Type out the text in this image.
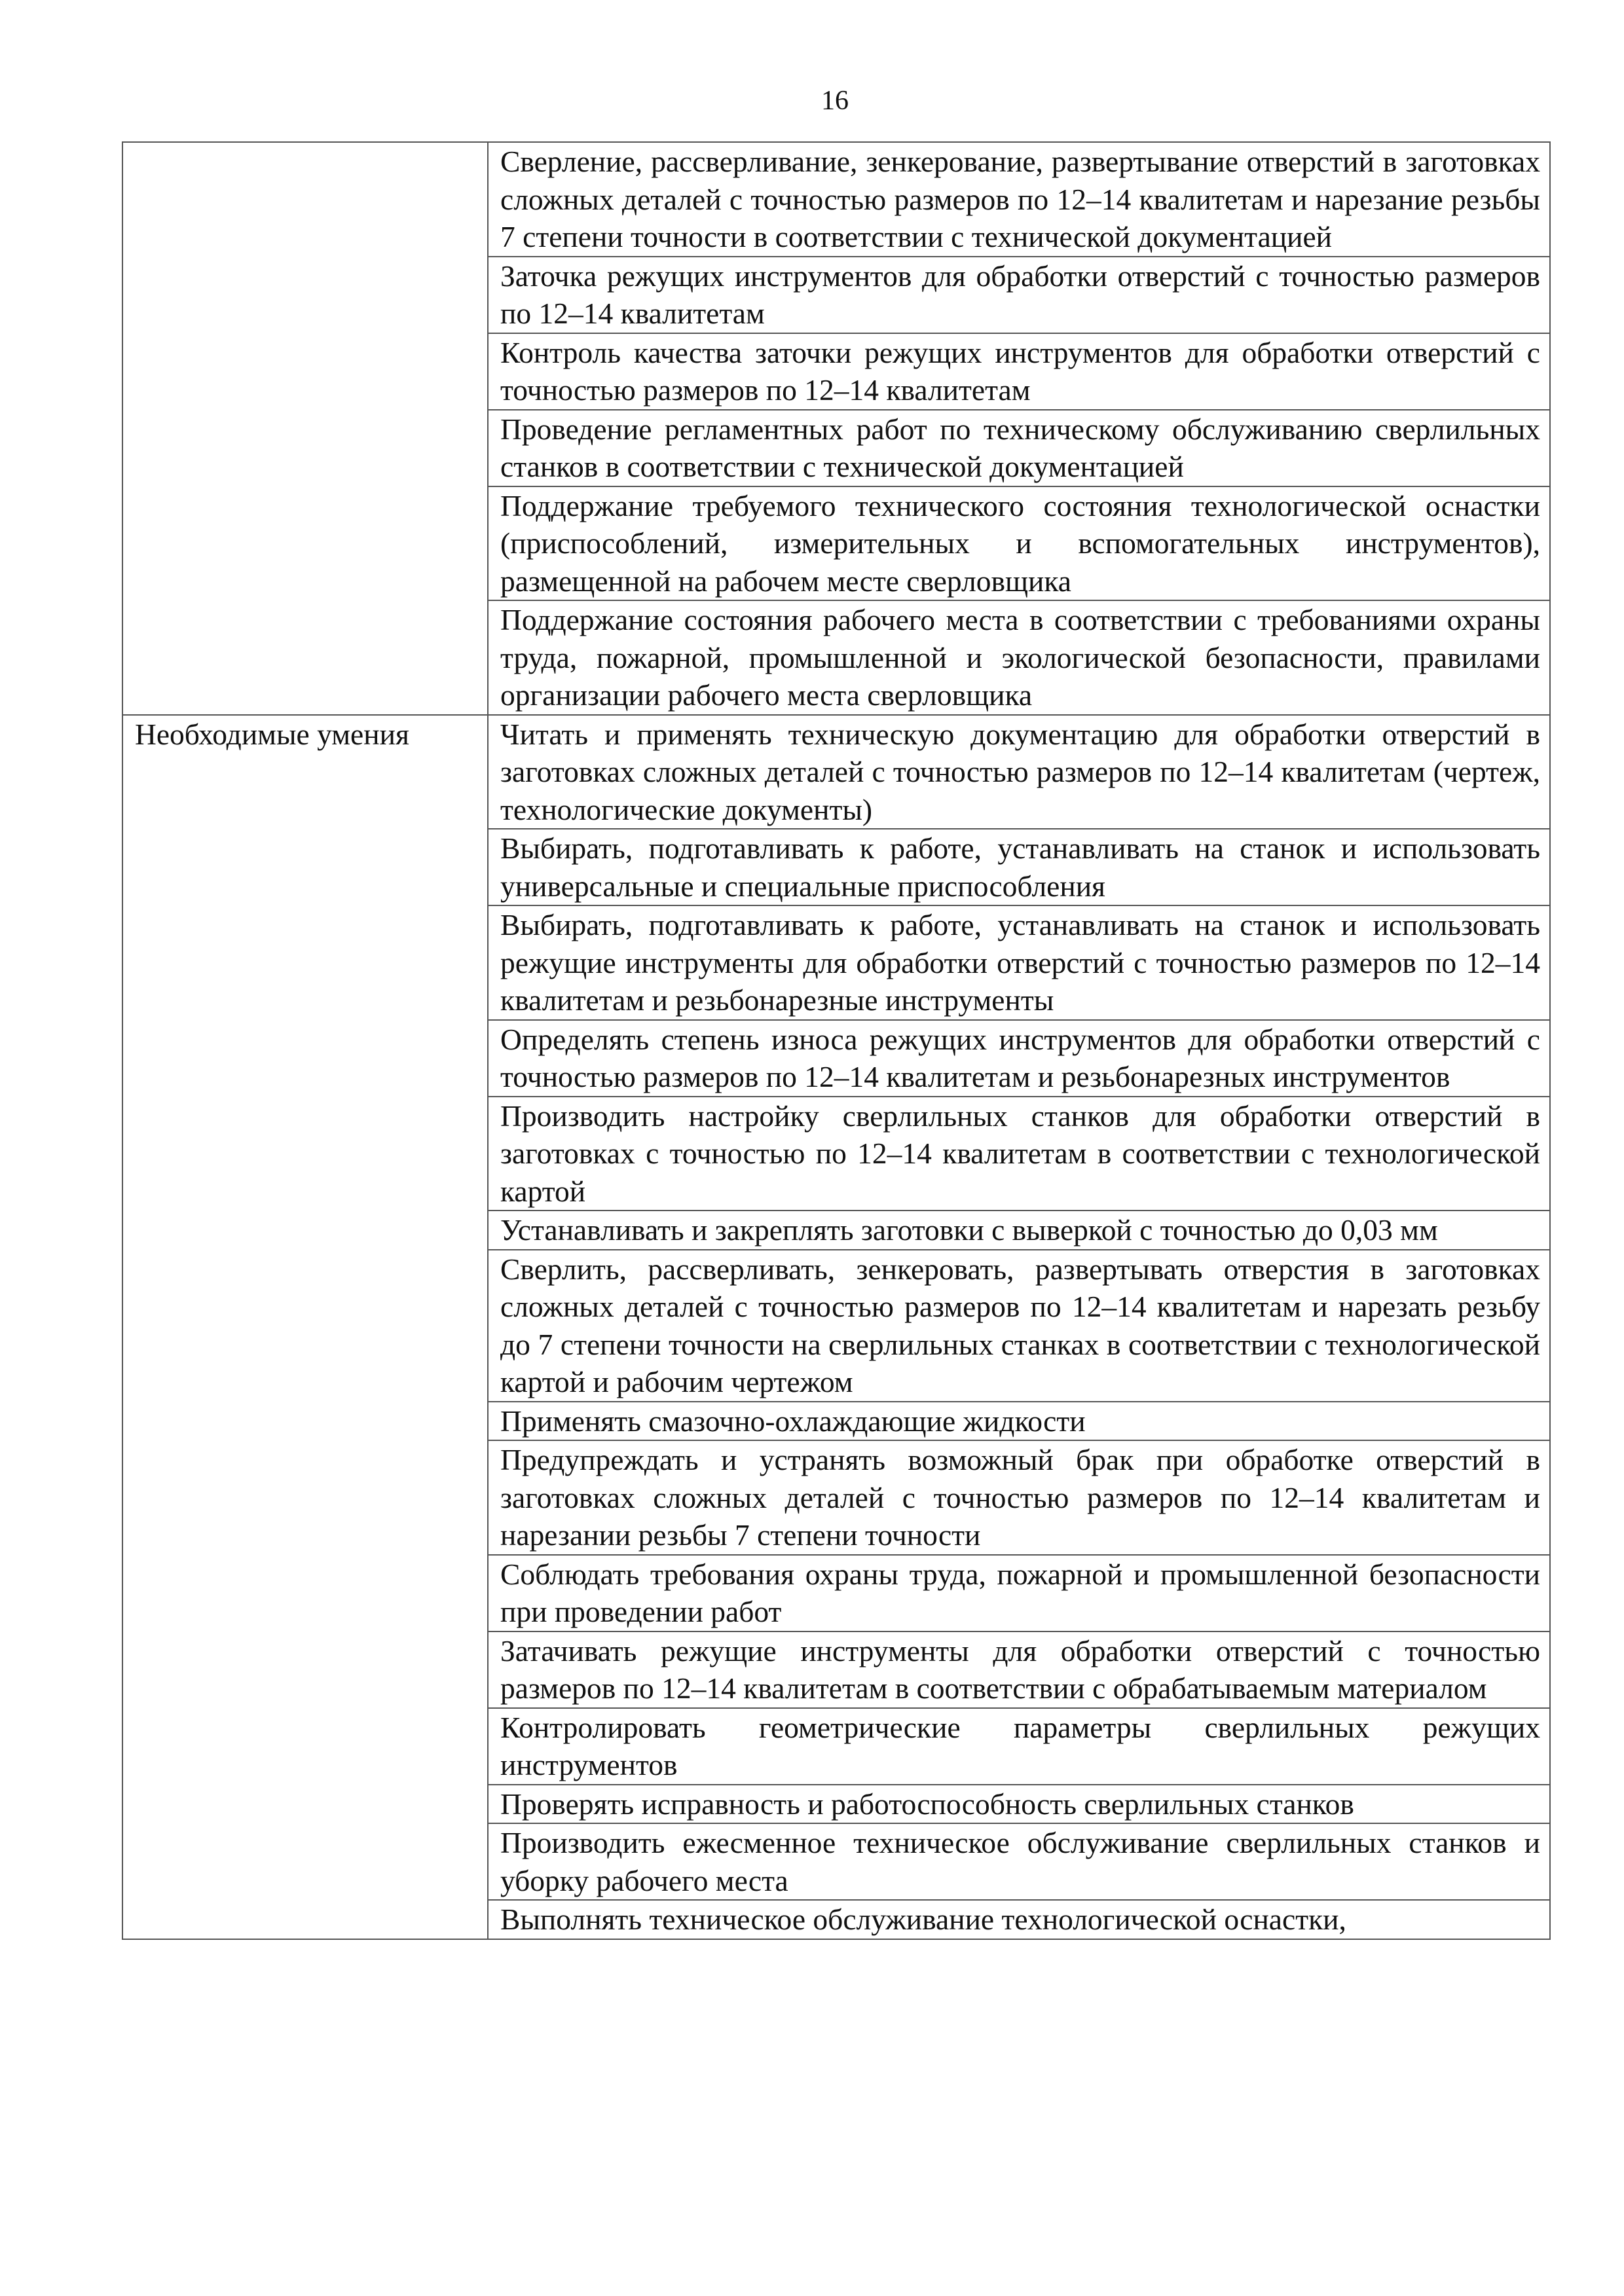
16

	Сверление, рассверливание, зенкерование, развертывание отверстий в заготовках сложных деталей с точностью размеров по 12–14 квалитетам и нарезание резьбы 7 степени точности в соответствии с технической документацией

	Заточка режущих инструментов для обработки отверстий с точностью размеров по 12–14 квалитетам

	Контроль качества заточки режущих инструментов для обработки отверстий с точностью размеров по 12–14 квалитетам

	Проведение регламентных работ по техническому обслуживанию сверлильных станков в соответствии с технической документацией

	Поддержание требуемого технического состояния технологической оснастки (приспособлений, измерительных и вспомогательных инструментов), размещенной на рабочем месте сверловщика

	Поддержание состояния рабочего места в соответствии с требованиями охраны труда, пожарной, промышленной и экологической безопасности, правилами организации рабочего места сверловщика

Необходимые умения	Читать и применять техническую документацию для обработки отверстий в заготовках сложных деталей с точностью размеров по 12–14 квалитетам (чертеж, технологические документы)

	Выбирать, подготавливать к работе, устанавливать на станок и использовать универсальные и специальные приспособления

	Выбирать, подготавливать к работе, устанавливать на станок и использовать режущие инструменты для обработки отверстий с точностью размеров по 12–14 квалитетам и резьбонарезные инструменты

	Определять степень износа режущих инструментов для обработки отверстий с точностью размеров по 12–14 квалитетам и резьбонарезных инструментов

	Производить настройку сверлильных станков для обработки отверстий в заготовках с точностью по 12–14 квалитетам в соответствии с технологической картой

	Устанавливать и закреплять заготовки с выверкой с точностью до 0,03 мм

	Сверлить, рассверливать, зенкеровать, развертывать отверстия в заготовках сложных деталей с точностью размеров по 12–14 квалитетам и нарезать резьбу до 7 степени точности на сверлильных станках в соответствии с технологической картой и рабочим чертежом

	Применять смазочно-охлаждающие жидкости

	Предупреждать и устранять возможный брак при обработке отверстий в заготовках сложных деталей с точностью размеров по 12–14 квалитетам и нарезании резьбы 7 степени точности

	Соблюдать требования охраны труда, пожарной и промышленной безопасности при проведении работ

	Затачивать режущие инструменты для обработки отверстий с точностью размеров по 12–14 квалитетам в соответствии с обрабатываемым материалом

	Контролировать геометрические параметры сверлильных режущих инструментов

	Проверять исправность и работоспособность сверлильных станков

	Производить ежесменное техническое обслуживание сверлильных станков и уборку рабочего места

	Выполнять техническое обслуживание технологической оснастки,
